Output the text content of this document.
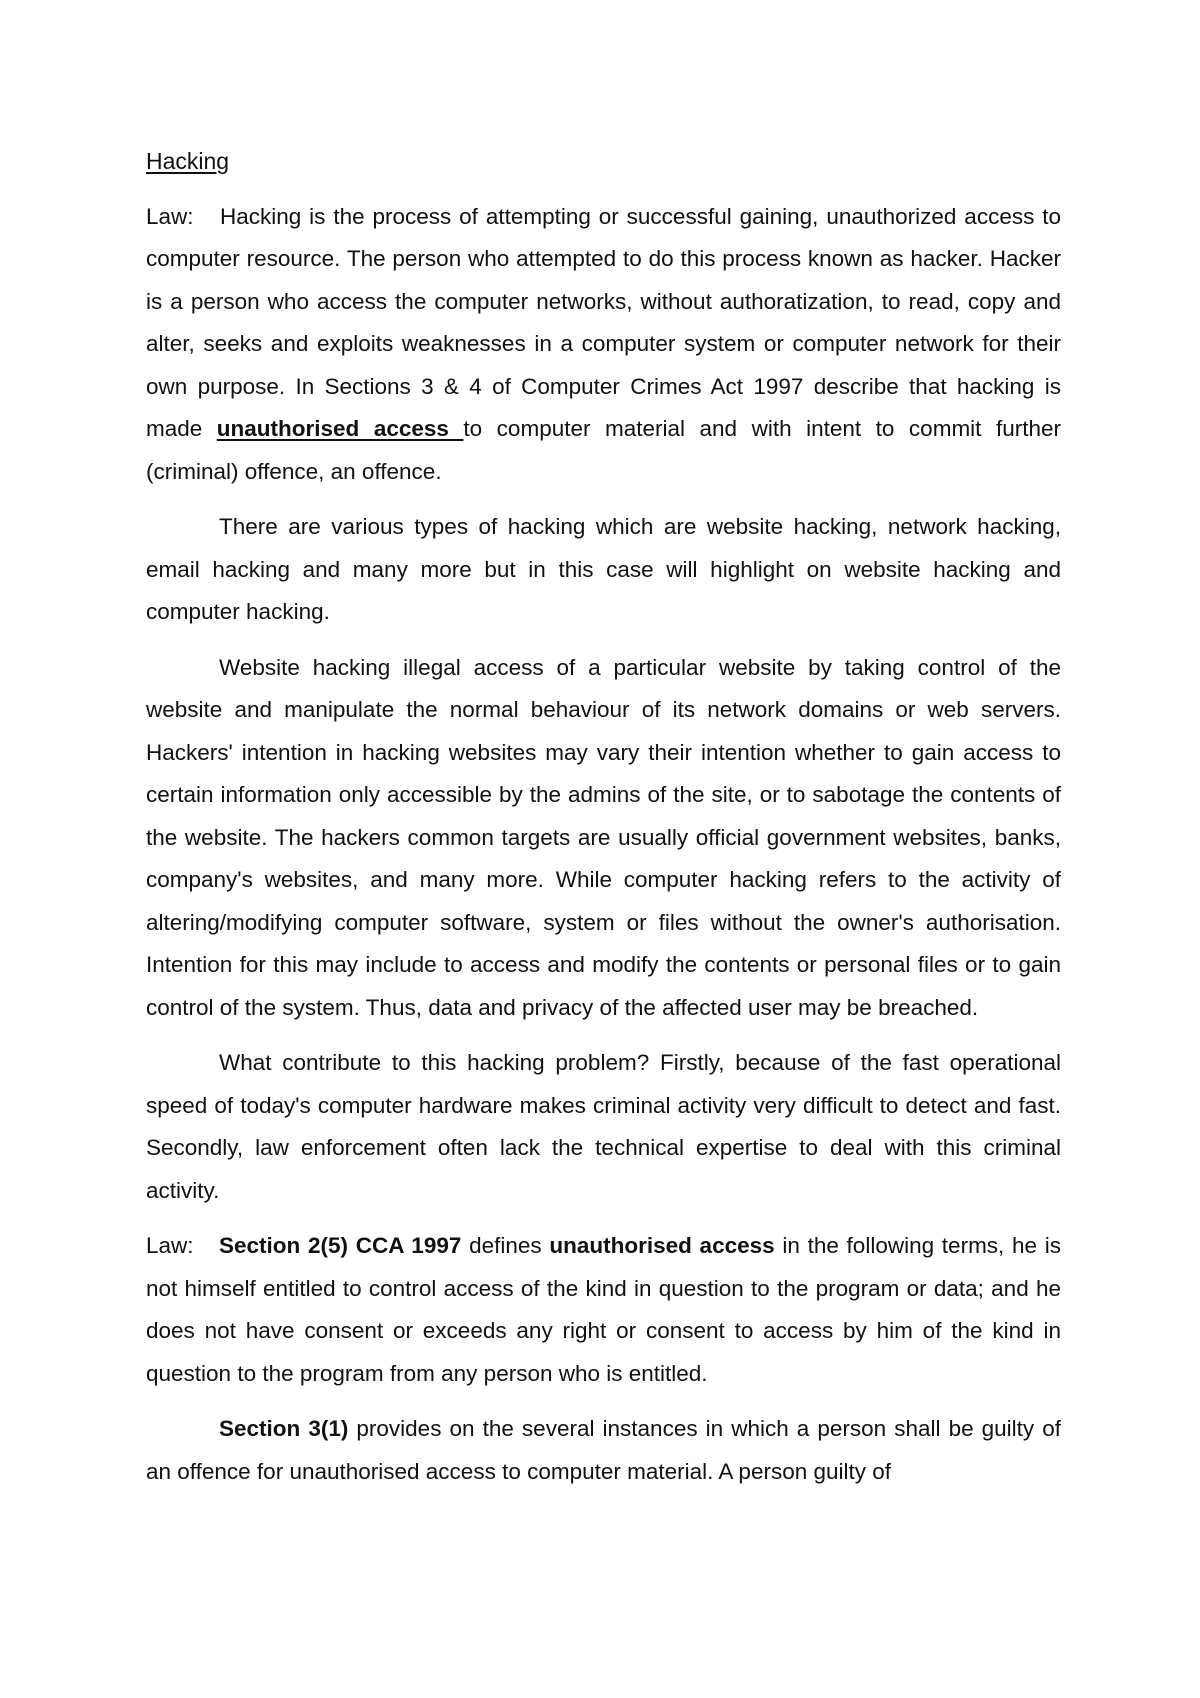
Hacking

Law: Hacking is the process of attempting or successful gaining, unauthorized access to computer resource. The person who attempted to do this process known as hacker. Hacker is a person who access the computer networks, without authoratization, to read, copy and alter, seeks and exploits weaknesses in a computer system or computer network for their own purpose. In Sections 3 & 4 of Computer Crimes Act 1997 describe that hacking is made unauthorised access to computer material and with intent to commit further (criminal) offence, an offence.

There are various types of hacking which are website hacking, network hacking, email hacking and many more but in this case will highlight on website hacking and computer hacking.

Website hacking illegal access of a particular website by taking control of the website and manipulate the normal behaviour of its network domains or web servers. Hackers' intention in hacking websites may vary their intention whether to gain access to certain information only accessible by the admins of the site, or to sabotage the contents of the website. The hackers common targets are usually official government websites, banks, company's websites, and many more. While computer hacking refers to the activity of altering/modifying computer software, system or files without the owner's authorisation. Intention for this may include to access and modify the contents or personal files or to gain control of the system. Thus, data and privacy of the affected user may be breached.

What contribute to this hacking problem? Firstly, because of the fast operational speed of today's computer hardware makes criminal activity very difficult to detect and fast. Secondly, law enforcement often lack the technical expertise to deal with this criminal activity.

Law: Section 2(5) CCA 1997 defines unauthorised access in the following terms, he is not himself entitled to control access of the kind in question to the program or data; and he does not have consent or exceeds any right or consent to access by him of the kind in question to the program from any person who is entitled.

Section 3(1) provides on the several instances in which a person shall be guilty of an offence for unauthorised access to computer material. A person guilty of
